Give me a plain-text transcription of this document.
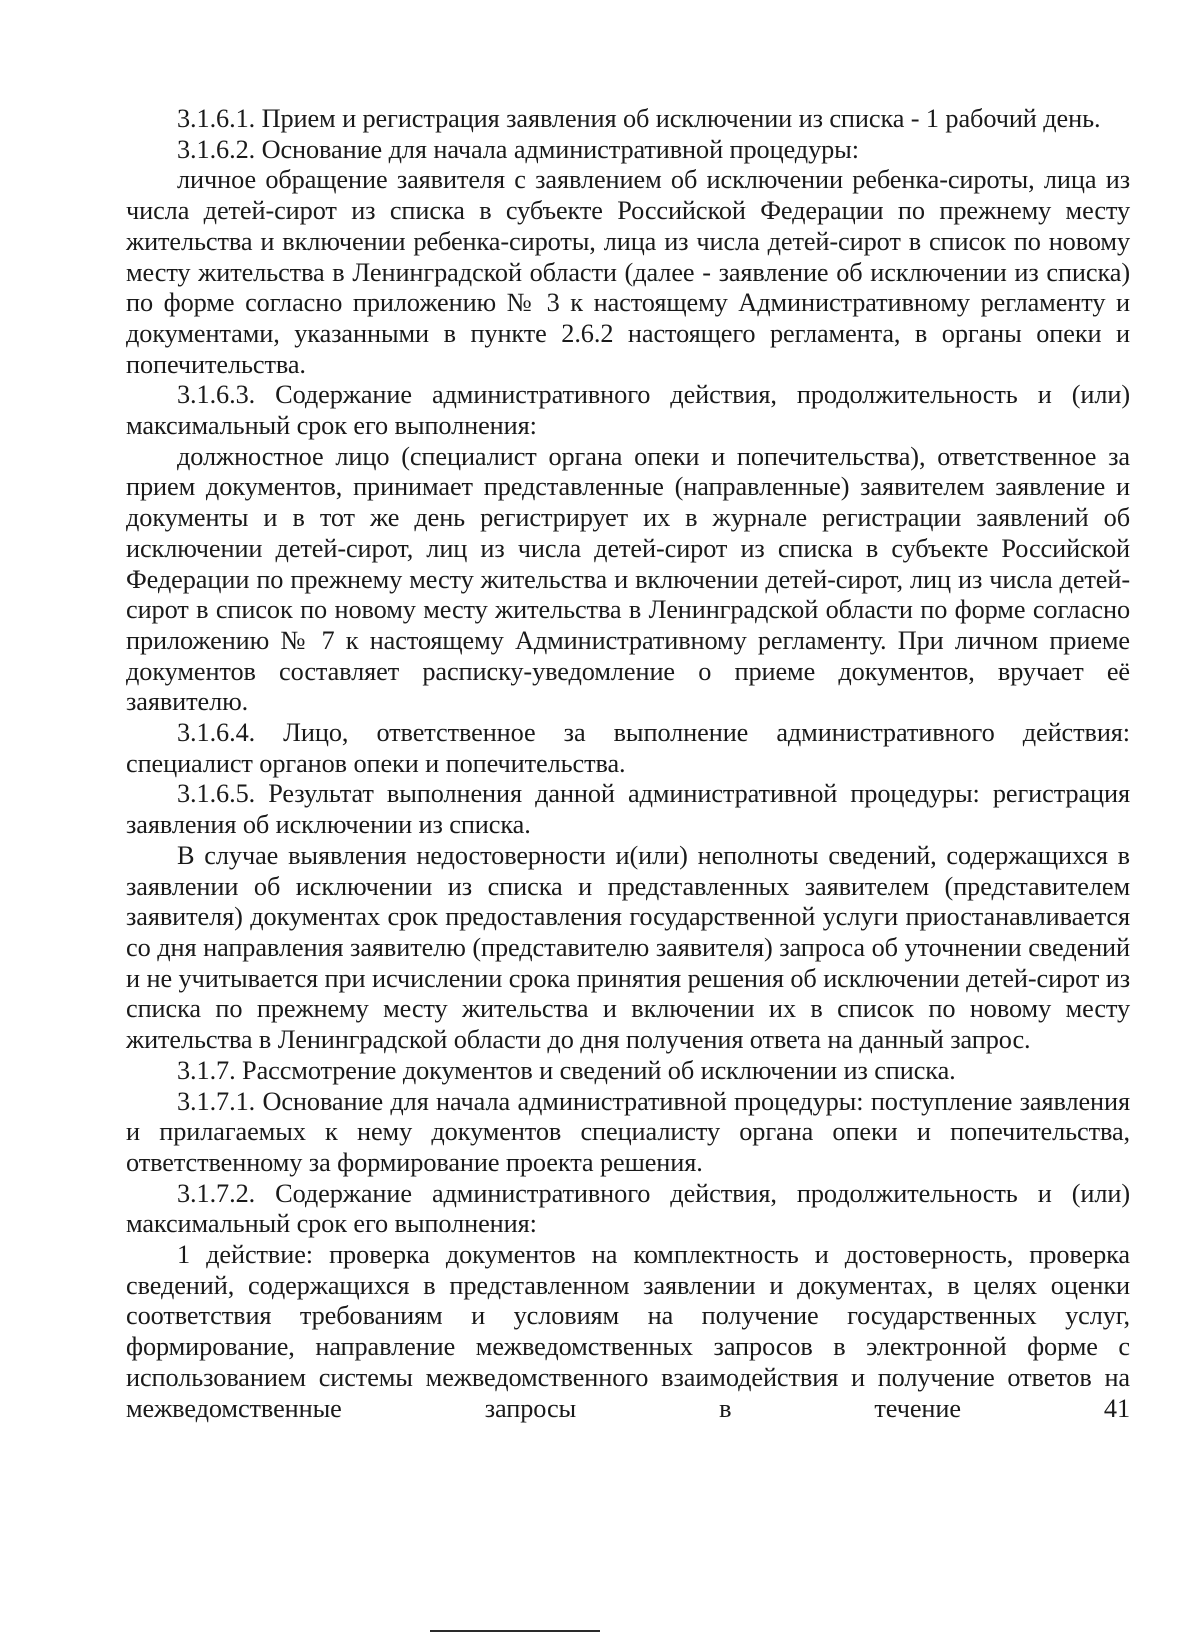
3.1.6.1. Прием и регистрация заявления об исключении из списка - 1 рабочий день.

3.1.6.2. Основание для начала административной процедуры:

личное обращение заявителя с заявлением об исключении ребенка-сироты, лица из числа детей-сирот из списка в субъекте Российской Федерации по прежнему месту жительства и включении ребенка-сироты, лица из числа детей-сирот в список по новому месту жительства в Ленинградской области (далее - заявление об исключении из списка) по форме согласно приложению № 3 к настоящему Административному регламенту и документами, указанными в пункте 2.6.2 настоящего регламента, в органы опеки и попечительства.

3.1.6.3. Содержание административного действия, продолжительность и (или) максимальный срок его выполнения:

должностное лицо (специалист органа опеки и попечительства), ответственное за прием документов, принимает представленные (направленные) заявителем заявление и документы и в тот же день регистрирует их в журнале регистрации заявлений об исключении детей-сирот, лиц из числа детей-сирот из списка в субъекте Российской Федерации по прежнему месту жительства и включении детей-сирот, лиц из числа детей-сирот в список по новому месту жительства в Ленинградской области по форме согласно приложению № 7 к настоящему Административному регламенту. При личном приеме документов составляет расписку-уведомление о приеме документов, вручает её заявителю.

3.1.6.4. Лицо, ответственное за выполнение административного действия: специалист органов опеки и попечительства.

3.1.6.5. Результат выполнения данной административной процедуры: регистрация заявления об исключении из списка.

В случае выявления недостоверности и(или) неполноты сведений, содержащихся в заявлении об исключении из списка и представленных заявителем (представителем заявителя) документах срок предоставления государственной услуги приостанавливается со дня направления заявителю (представителю заявителя) запроса об уточнении сведений и не учитывается при исчислении срока принятия решения об исключении детей-сирот из списка по прежнему месту жительства и включении их в список по новому месту жительства в Ленинградской области до дня получения ответа на данный запрос.

3.1.7. Рассмотрение документов и сведений об исключении из списка.

3.1.7.1. Основание для начала административной процедуры: поступление заявления и прилагаемых к нему документов специалисту органа опеки и попечительства, ответственному за формирование проекта решения.

3.1.7.2. Содержание административного действия, продолжительность и (или) максимальный срок его выполнения:

1 действие: проверка документов на комплектность и достоверность, проверка сведений, содержащихся в представленном заявлении и документах, в целях оценки соответствия требованиям и условиям на получение государственных услуг, формирование, направление межведомственных запросов в электронной форме с использованием системы межведомственного взаимодействия и получение ответов на межведомственные запросы в течение 41
